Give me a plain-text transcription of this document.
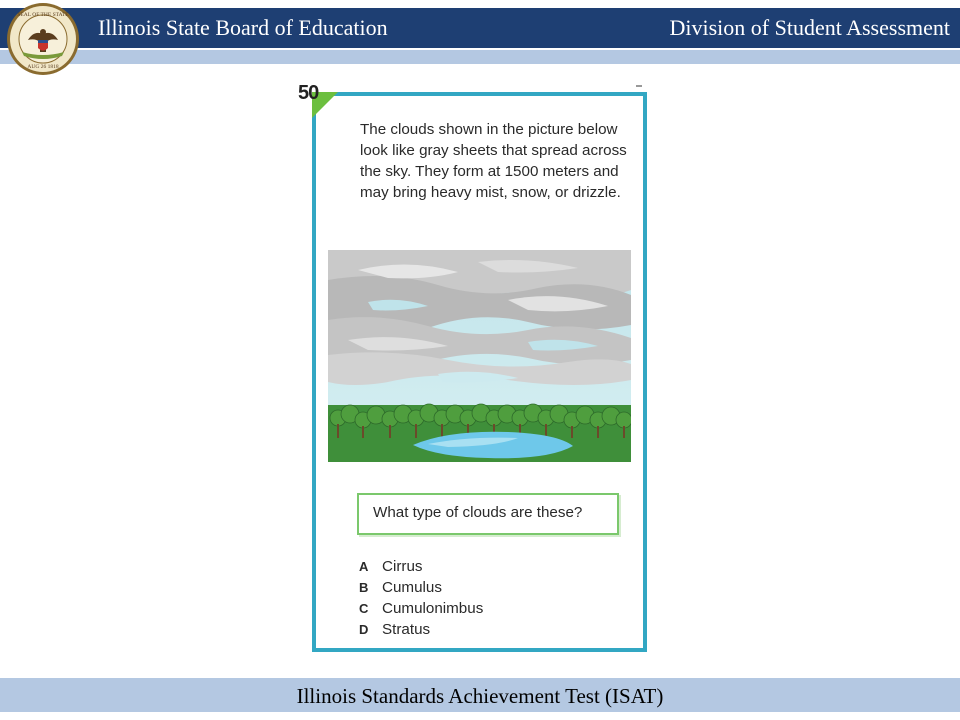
Illinois State Board of Education	Division of Student Assessment
SEAL OF THE STATE
AUG 26 1818
50

The clouds shown in the picture below look like gray sheets that spread across the sky. They form at 1500 meters and may bring heavy mist, snow, or drizzle.

What type of clouds are these?
A Cirrus
B Cumulus
C Cumulonimbus
D Stratus
Illinois Standards Achievement Test (ISAT)
